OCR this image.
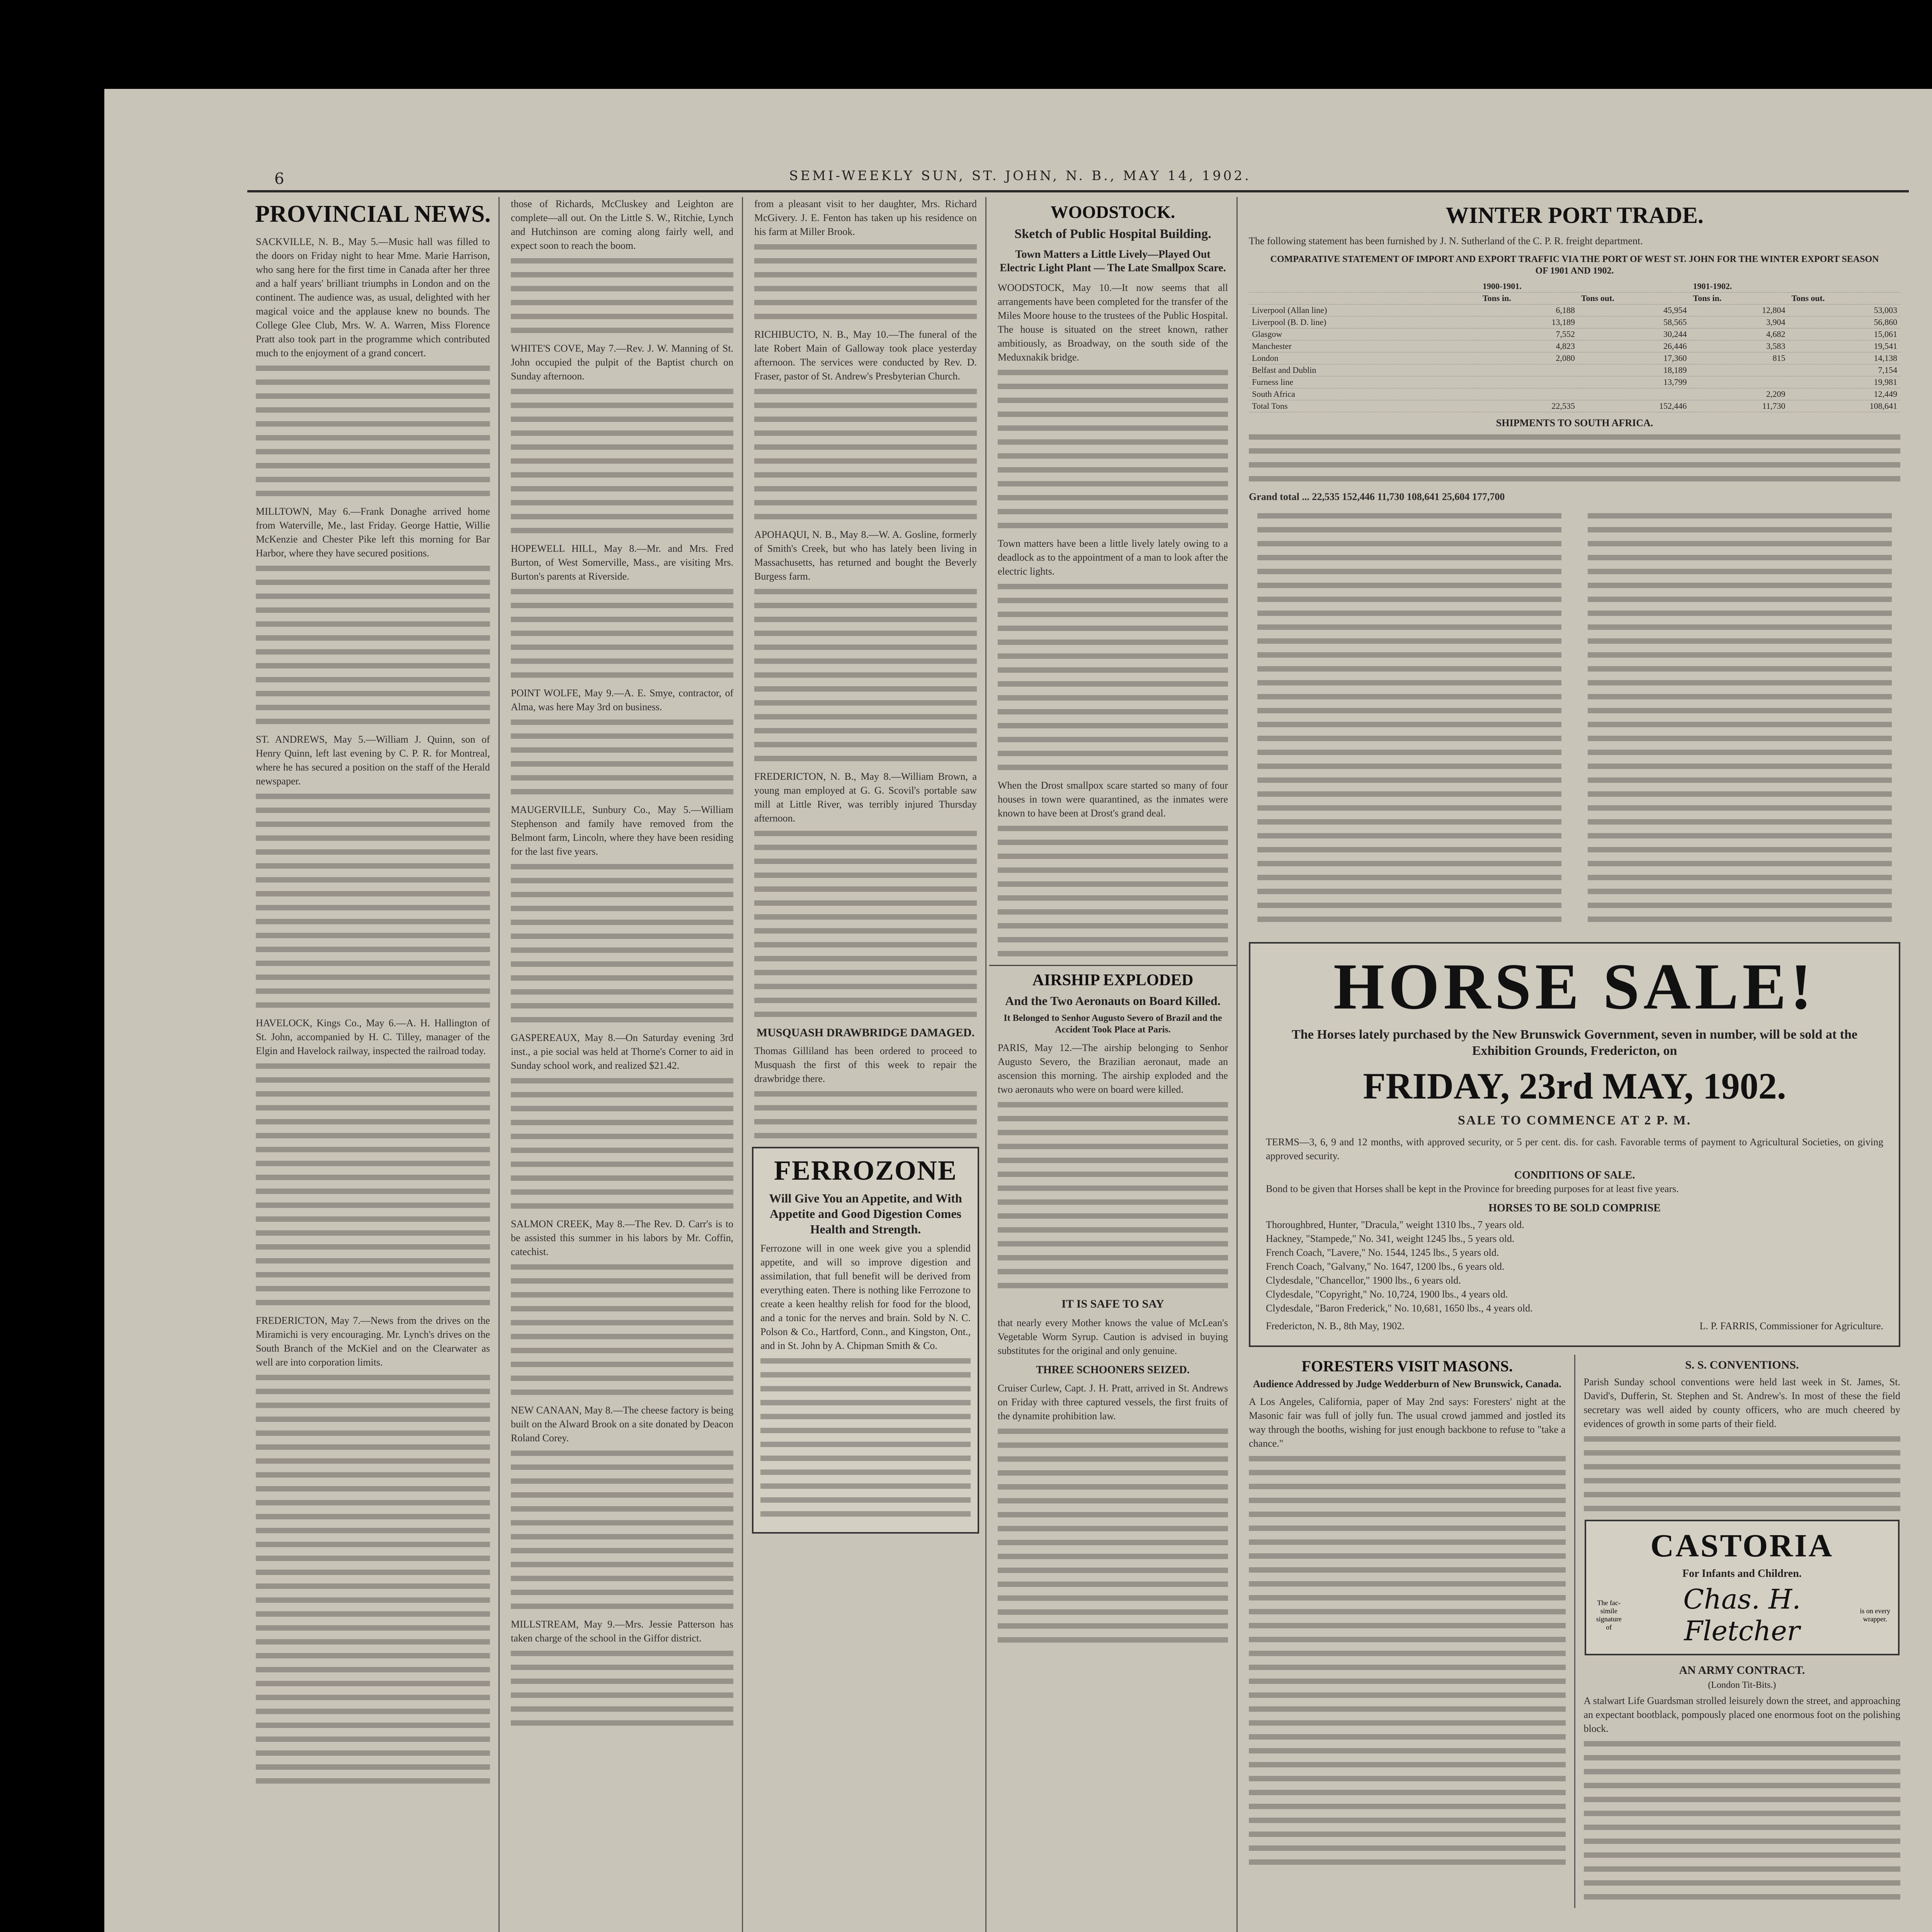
6	SEMI-WEEKLY SUN, ST. JOHN, N. B., MAY 14, 1902.
PROVINCIAL NEWS.

SACKVILLE, N. B., May 5.—Music hall was filled to the doors on Friday night to hear Mme. Marie Harrison, who sang here for the first time in Canada after her three and a half years' brilliant triumphs in London and on the continent. The audience was, as usual, delighted with her magical voice and the applause knew no bounds. The College Glee Club, Mrs. W. A. Warren, Miss Florence Pratt also took part in the programme which contributed much to the enjoyment of a grand concert.

MILLTOWN, May 6.—Frank Donaghe arrived home from Waterville, Me., last Friday. George Hattie, Willie McKenzie and Chester Pike left this morning for Bar Harbor, where they have secured positions.

ST. ANDREWS, May 5.—William J. Quinn, son of Henry Quinn, left last evening by C. P. R. for Montreal, where he has secured a position on the staff of the Herald newspaper.

HAVELOCK, Kings Co., May 6.—A. H. Hallington of St. John, accompanied by H. C. Tilley, manager of the Elgin and Havelock railway, inspected the railroad today.

FREDERICTON, May 7.—News from the drives on the Miramichi is very encouraging. Mr. Lynch's drives on the South Branch of the McKiel and on the Clearwater as well are into corporation limits.

those of Richards, McCluskey and Leighton are complete—all out. On the Little S. W., Ritchie, Lynch and Hutchinson are coming along fairly well, and expect soon to reach the boom.

WHITE'S COVE, May 7.—Rev. J. W. Manning of St. John occupied the pulpit of the Baptist church on Sunday afternoon.

HOPEWELL HILL, May 8.—Mr. and Mrs. Fred Burton, of West Somerville, Mass., are visiting Mrs. Burton's parents at Riverside.

POINT WOLFE, May 9.—A. E. Smye, contractor, of Alma, was here May 3rd on business.

MAUGERVILLE, Sunbury Co., May 5.—William Stephenson and family have removed from the Belmont farm, Lincoln, where they have been residing for the last five years.

GASPEREAUX, May 8.—On Saturday evening 3rd inst., a pie social was held at Thorne's Corner to aid in Sunday school work, and realized $21.42.

SALMON CREEK, May 8.—The Rev. D. Carr's is to be assisted this summer in his labors by Mr. Coffin, catechist.

NEW CANAAN, May 8.—The cheese factory is being built on the Alward Brook on a site donated by Deacon Roland Corey.

MILLSTREAM, May 9.—Mrs. Jessie Patterson has taken charge of the school in the Giffor district.

from a pleasant visit to her daughter, Mrs. Richard McGivery. J. E. Fenton has taken up his residence on his farm at Miller Brook.

RICHIBUCTO, N. B., May 10.—The funeral of the late Robert Main of Galloway took place yesterday afternoon. The services were conducted by Rev. D. Fraser, pastor of St. Andrew's Presbyterian Church.

APOHAQUI, N. B., May 8.—W. A. Gosline, formerly of Smith's Creek, but who has lately been living in Massachusetts, has returned and bought the Beverly Burgess farm.

FREDERICTON, N. B., May 8.—William Brown, a young man employed at G. G. Scovil's portable saw mill at Little River, was terribly injured Thursday afternoon.

MUSQUASH DRAWBRIDGE DAMAGED.

Thomas Gilliland has been ordered to proceed to Musquash the first of this week to repair the drawbridge there.

FERROZONE
Will Give You an Appetite, and With Appetite and Good Digestion Comes Health and Strength.

Ferrozone will in one week give you a splendid appetite, and will so improve digestion and assimilation, that full benefit will be derived from everything eaten. There is nothing like Ferrozone to create a keen healthy relish for food for the blood, and a tonic for the nerves and brain. Sold by N. C. Polson & Co., Hartford, Conn., and Kingston, Ont., and in St. John by A. Chipman Smith & Co.

WOODSTOCK.
Sketch of Public Hospital Building.
Town Matters a Little Lively—Played Out Electric Light Plant — The Late Smallpox Scare.

WOODSTOCK, May 10.—It now seems that all arrangements have been completed for the transfer of the Miles Moore house to the trustees of the Public Hospital. The house is situated on the street known, rather ambitiously, as Broadway, on the south side of the Meduxnakik bridge.

Town matters have been a little lively lately owing to a deadlock as to the appointment of a man to look after the electric lights.

When the Drost smallpox scare started so many of four houses in town were quarantined, as the inmates were known to have been at Drost's grand deal.

AIRSHIP EXPLODED
And the Two Aeronauts on Board Killed.
It Belonged to Senhor Augusto Severo of Brazil and the Accident Took Place at Paris.

PARIS, May 12.—The airship belonging to Senhor Augusto Severo, the Brazilian aeronaut, made an ascension this morning. The airship exploded and the two aeronauts who were on board were killed.

IT IS SAFE TO SAY

that nearly every Mother knows the value of McLean's Vegetable Worm Syrup. Caution is advised in buying substitutes for the original and only genuine.

THREE SCHOONERS SEIZED.

Cruiser Curlew, Capt. J. H. Pratt, arrived in St. Andrews on Friday with three captured vessels, the first fruits of the dynamite prohibition law.

WINTER PORT TRADE.

The following statement has been furnished by J. N. Sutherland of the C. P. R. freight department.

COMPARATIVE STATEMENT OF IMPORT AND EXPORT TRAFFIC VIA THE PORT OF WEST ST. JOHN FOR THE WINTER EXPORT SEASON OF 1901 AND 1902.
	1900-1901.		1901-1902.	
	Tons in.	Tons out.	Tons in.	Tons out.
Liverpool (Allan line)	6,188	45,954	12,804	53,003
Liverpool (B. D. line)	13,189	58,565	3,904	56,860
Glasgow	7,552	30,244	4,682	15,061
Manchester	4,823	26,446	3,583	19,541
London	2,080	17,360	815	14,138
Belfast and Dublin		18,189		7,154
Furness line		13,799		19,981
South Africa			2,209	12,449
Total Tons	22,535	152,446	11,730	108,641
SHIPMENTS TO SOUTH AFRICA.
Grand total ... 22,535 152,446 11,730 108,641 25,604 177,700
HORSE SALE!
The Horses lately purchased by the New Brunswick Government, seven in number, will be sold at the Exhibition Grounds, Fredericton, on
FRIDAY, 23rd MAY, 1902.
SALE TO COMMENCE AT 2 P. M.

TERMS—3, 6, 9 and 12 months, with approved security, or 5 per cent. dis. for cash. Favorable terms of payment to Agricultural Societies, on giving approved security.

CONDITIONS OF SALE.

Bond to be given that Horses shall be kept in the Province for breeding purposes for at least five years.

HORSES TO BE SOLD COMPRISE
Thoroughbred, Hunter, "Dracula," weight 1310 lbs., 7 years old.
Hackney, "Stampede," No. 341, weight 1245 lbs., 5 years old.
French Coach, "Lavere," No. 1544, 1245 lbs., 5 years old.
French Coach, "Galvany," No. 1647, 1200 lbs., 6 years old.
Clydesdale, "Chancellor," 1900 lbs., 6 years old.
Clydesdale, "Copyright," No. 10,724, 1900 lbs., 4 years old.
Clydesdale, "Baron Frederick," No. 10,681, 1650 lbs., 4 years old.
Fredericton, N. B., 8th May, 1902.	L. P. FARRIS, Commissioner for Agriculture.
FORESTERS VISIT MASONS.
Audience Addressed by Judge Wedderburn of New Brunswick, Canada.

A Los Angeles, California, paper of May 2nd says: Foresters' night at the Masonic fair was full of jolly fun. The usual crowd jammed and jostled its way through the booths, wishing for just enough backbone to refuse to "take a chance."

S. S. CONVENTIONS.

Parish Sunday school conventions were held last week in St. James, St. David's, Dufferin, St. Stephen and St. Andrew's. In most of these the field secretary was well aided by county officers, who are much cheered by evidences of growth in some parts of their field.

CASTORIA
For Infants and Children.
The fac-simile signature of
Chas. H. Fletcher
is on every wrapper.
AN ARMY CONTRACT.
(London Tit-Bits.)

A stalwart Life Guardsman strolled leisurely down the street, and approaching an expectant bootblack, pompously placed one enormous foot on the polishing block.
